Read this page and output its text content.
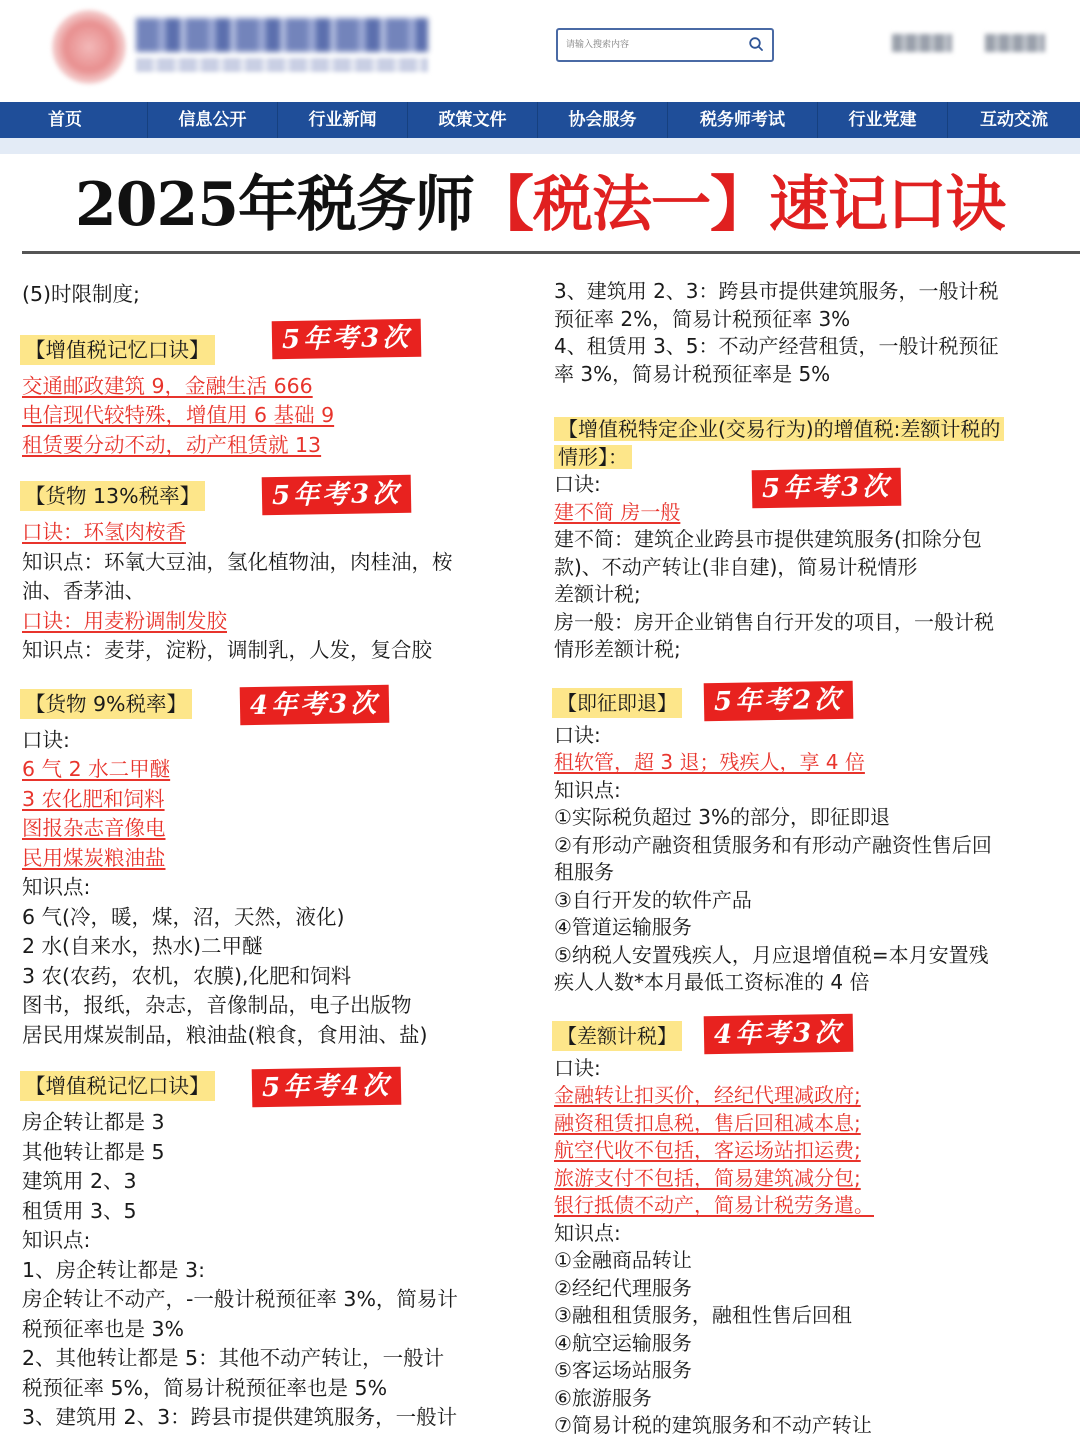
请输入搜索内容
首页	信息公开	行业新闻	政策文件	协会服务	税务师考试	行业党建	互动交流
2025年税务师【税法一】速记口诀
(5)时限制度;
【增值税记忆口诀】	5年考3次
交通邮政建筑 9，金融生活 666
电信现代较特殊，增值用 6 基础 9
租赁要分动不动，动产租赁就 13
【货物 13%税率】	5年考3次
口诀：环氢肉桉香
知识点：环氧大豆油，氢化植物油，肉桂油，桉
油、香茅油、
口诀：用麦粉调制发胶
知识点：麦芽，淀粉，调制乳，人发，复合胶
【货物 9%税率】	4年考3次
口诀:
6 气 2 水二甲醚
3 农化肥和饲料
图报杂志音像电
民用煤炭粮油盐
知识点:
6 气(冷，暖，煤，沼，天然，液化)
2 水(自来水，热水)二甲醚
3 农(农药，农机，农膜),化肥和饲料
图书，报纸，杂志，音像制品，电子出版物
居民用煤炭制品，粮油盐(粮食，食用油、盐)
【增值税记忆口诀】	5年考4次
房企转让都是 3
其他转让都是 5
建筑用 2、3
租赁用 3、5
知识点:
1、房企转让都是 3:
房企转让不动产，-一般计税预征率 3%，简易计
税预征率也是 3%
2、其他转让都是 5：其他不动产转让，一般计
税预征率 5%，简易计税预征率也是 5%
3、建筑用 2、3：跨县市提供建筑服务，一般计
3、建筑用 2、3：跨县市提供建筑服务，一般计税
预征率 2%，简易计税预征率 3%
4、租赁用 3、5：不动产经营租赁，一般计税预征
率 3%，简易计税预征率是 5%
【增值税特定企业(交易行为)的增值税:差额计税的
情形】：
口诀:	5年考3次
建不简 房一般
建不简：建筑企业跨县市提供建筑服务(扣除分包
款)、不动产转让(非自建)，简易计税情形
差额计税;
房一般：房开企业销售自行开发的项目，一般计税
情形差额计税;
【即征即退】	5年考2次
口诀:
租软管，超 3 退；残疾人，享 4 倍
知识点:
①实际税负超过 3%的部分，即征即退
②有形动产融资租赁服务和有形动产融资性售后回
租服务
③自行开发的软件产品
④管道运输服务
⑤纳税人安置残疾人，月应退增值税=本月安置残
疾人人数*本月最低工资标准的 4 倍
【差额计税】	4年考3次
口诀:
金融转让扣买价，经纪代理减政府;
融资租赁扣息税，售后回租减本息;
航空代收不包括，客运场站扣运费;
旅游支付不包括，简易建筑减分包;
银行抵债不动产，简易计税劳务遣。
知识点:
①金融商品转让
②经纪代理服务
③融租租赁服务，融租性售后回租
④航空运输服务
⑤客运场站服务
⑥旅游服务
⑦简易计税的建筑服务和不动产转让
